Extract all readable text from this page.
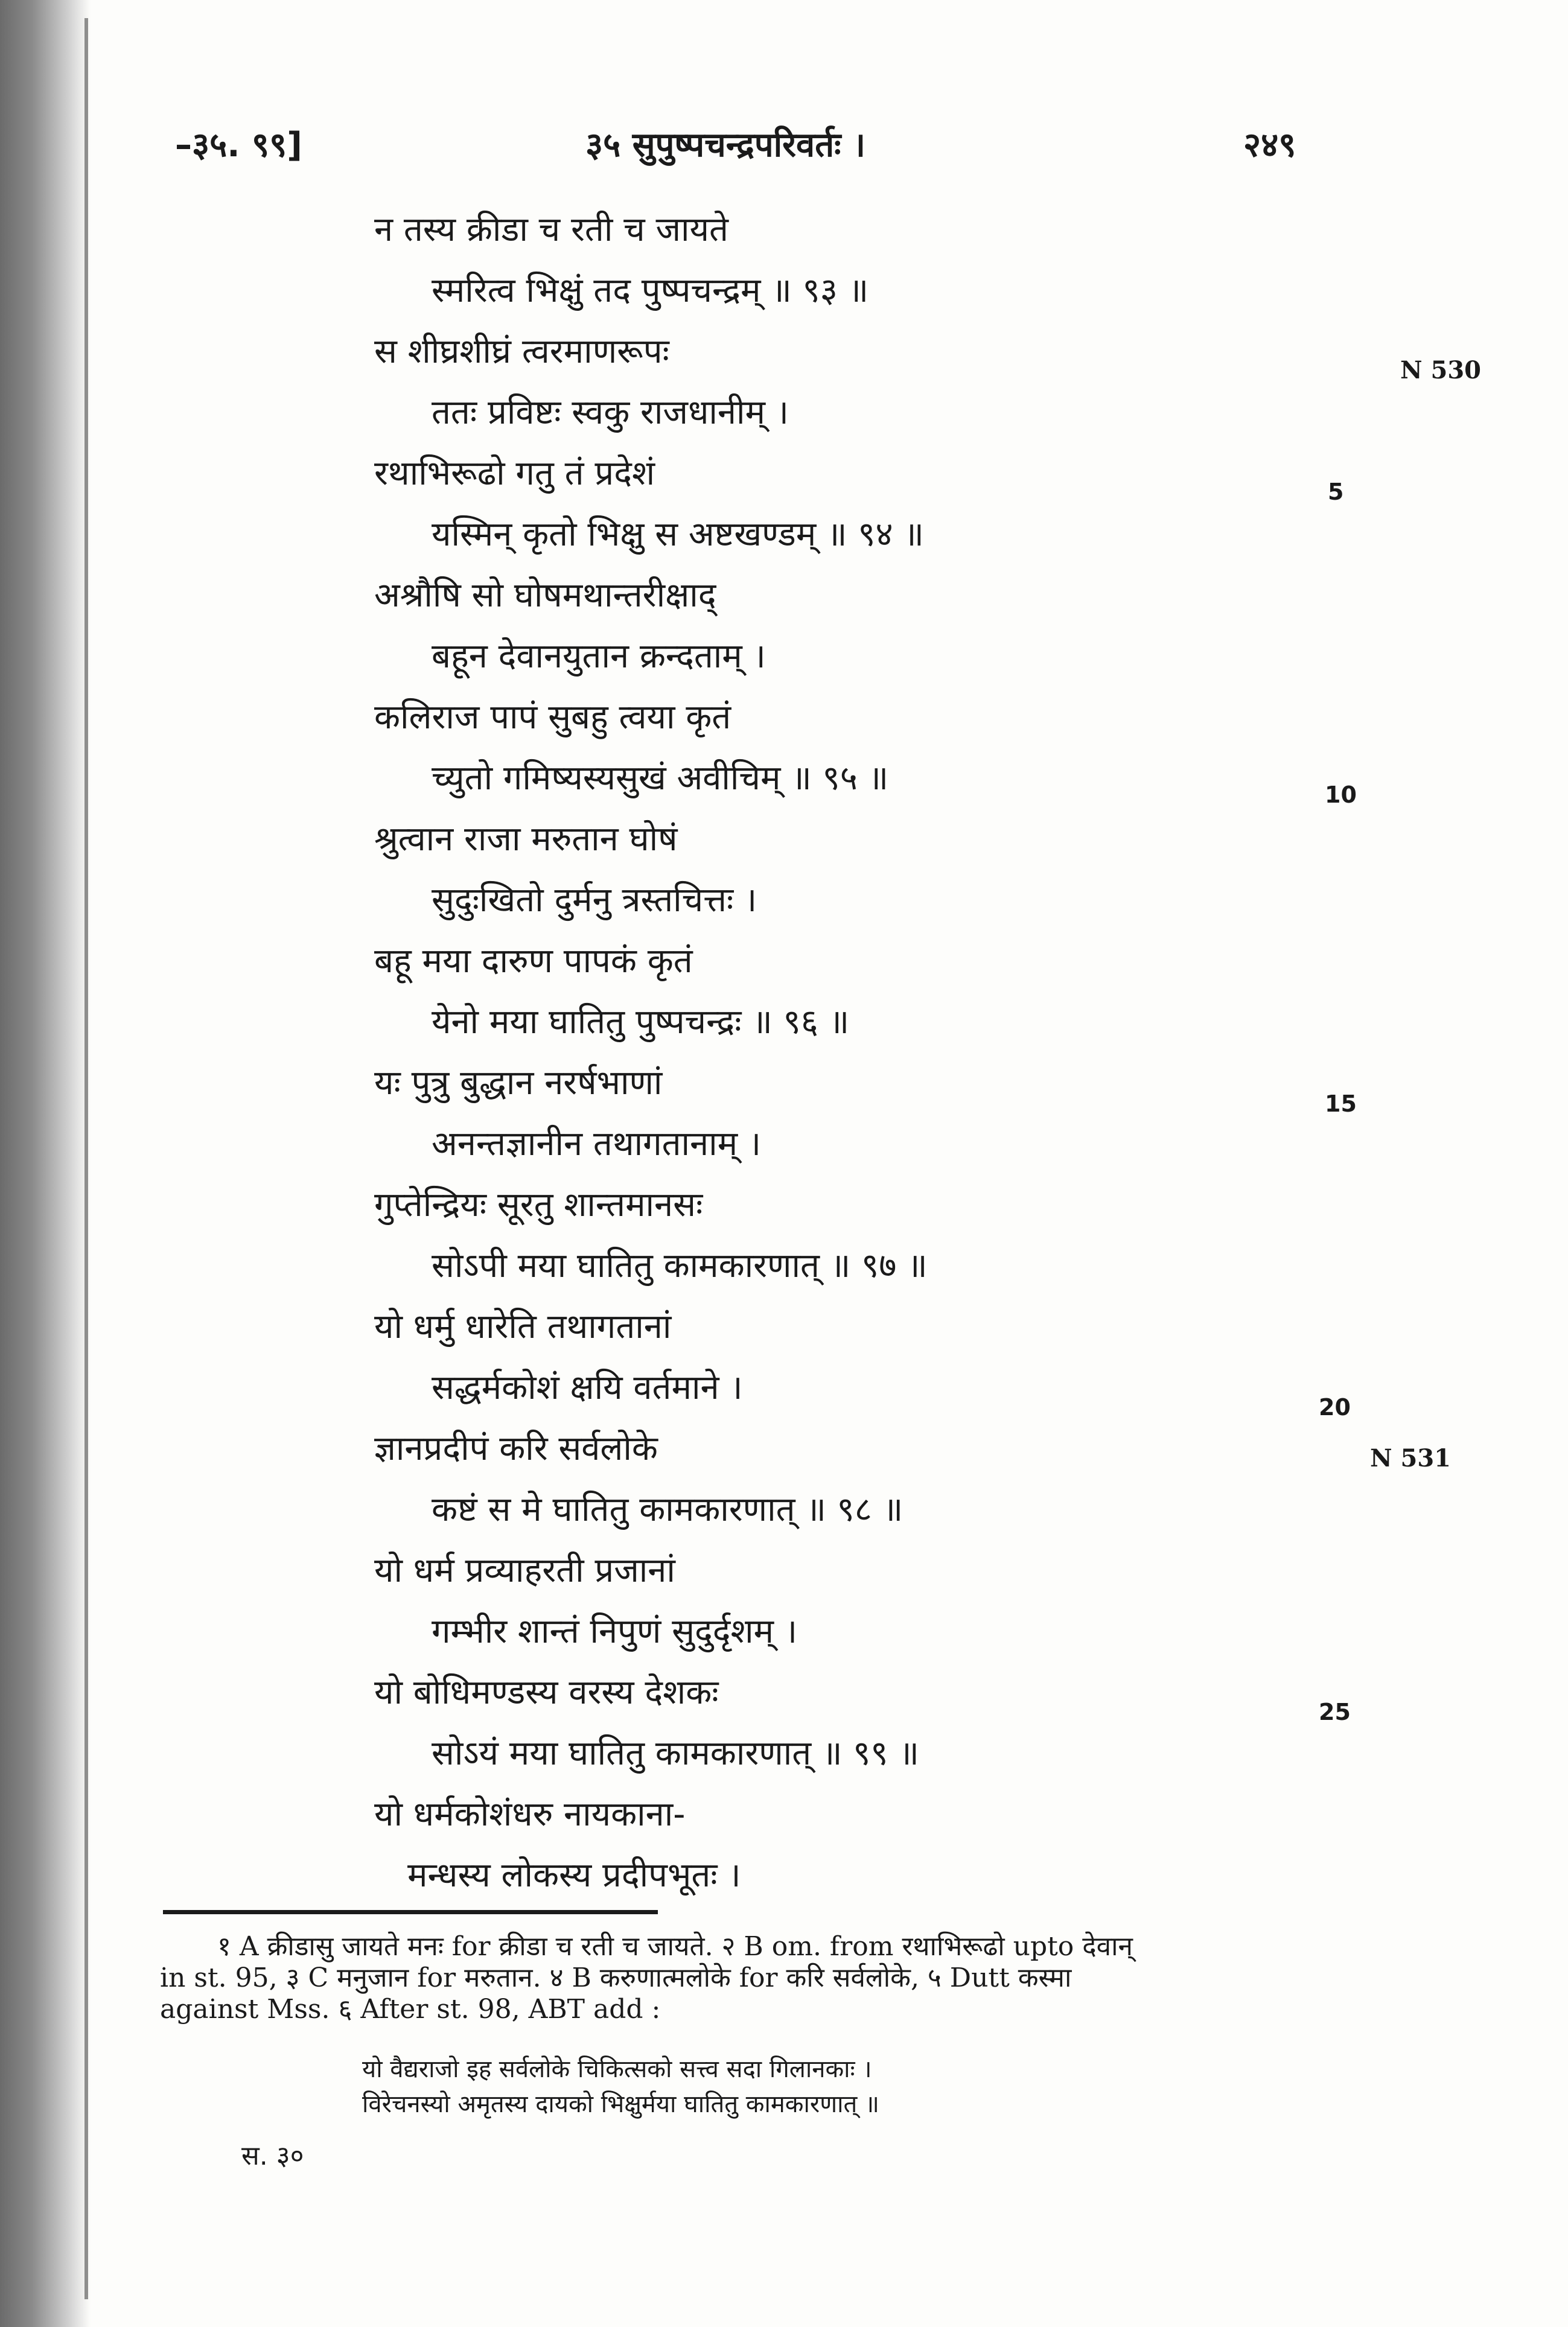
–३५. ९९]	३५ सुपुष्पचन्द्रपरिवर्तः ।	२४९
न तस्य क्रीडा च रती च जायते
स्मरित्व भिक्षुं तद पुष्पचन्द्रम् ॥ ९३ ॥
स शीघ्रशीघ्रं त्वरमाणरूपः
ततः प्रविष्टः स्वकु राजधानीम् ।
रथाभिरूढो गतु तं प्रदेशं
यस्मिन् कृतो भिक्षु स अष्टखण्डम् ॥ ९४ ॥
अश्रौषि सो घोषमथान्तरीक्षाद्
बहून देवानयुतान क्रन्दताम् ।
कलिराज पापं सुबहु त्वया कृतं
च्युतो गमिष्यस्यसुखं अवीचिम् ॥ ९५ ॥
श्रुत्वान राजा मरुतान घोषं
सुदुःखितो दुर्मनु त्रस्तचित्तः ।
बहू मया दारुण पापकं कृतं
येनो मया घातितु पुष्पचन्द्रः ॥ ९६ ॥
यः पुत्रु बुद्धान नरर्षभाणां
अनन्तज्ञानीन तथागतानाम् ।
गुप्तेन्द्रियः सूरतु शान्तमानसः
सोऽपी मया घातितु कामकारणात् ॥ ९७ ॥
यो धर्मु धारेति तथागतानां
सद्धर्मकोशं क्षयि वर्तमाने ।
ज्ञानप्रदीपं करि सर्वलोके
कष्टं स मे घातितु कामकारणात् ॥ ९८ ॥
यो धर्म प्रव्याहरती प्रजानां
गम्भीर शान्तं निपुणं सुदुर्दृशम् ।
यो बोधिमण्डस्य वरस्य देशकः
सोऽयं मया घातितु कामकारणात् ॥ ९९ ॥
यो धर्मकोशंधरु नायकाना-
मन्धस्य लोकस्य प्रदीपभूतः ।
5
10
15
20
25
N 530
N 531
१ A क्रीडासु जायते मनः for क्रीडा च रती च जायते. २ B om. from रथाभिरूढो upto देवान्
in st. 95, ३ C मनुजान for मरुतान. ४ B करुणात्मलोके for करि सर्वलोके, ५ Dutt कस्मा
against Mss. ६ After st. 98, ABT add :
यो वैद्यराजो इह सर्वलोके चिकित्सको सत्त्व सदा गिलानकाः ।
विरेचनस्यो अमृतस्य दायको भिक्षुर्मया घातितु कामकारणात् ॥
स. ३०
